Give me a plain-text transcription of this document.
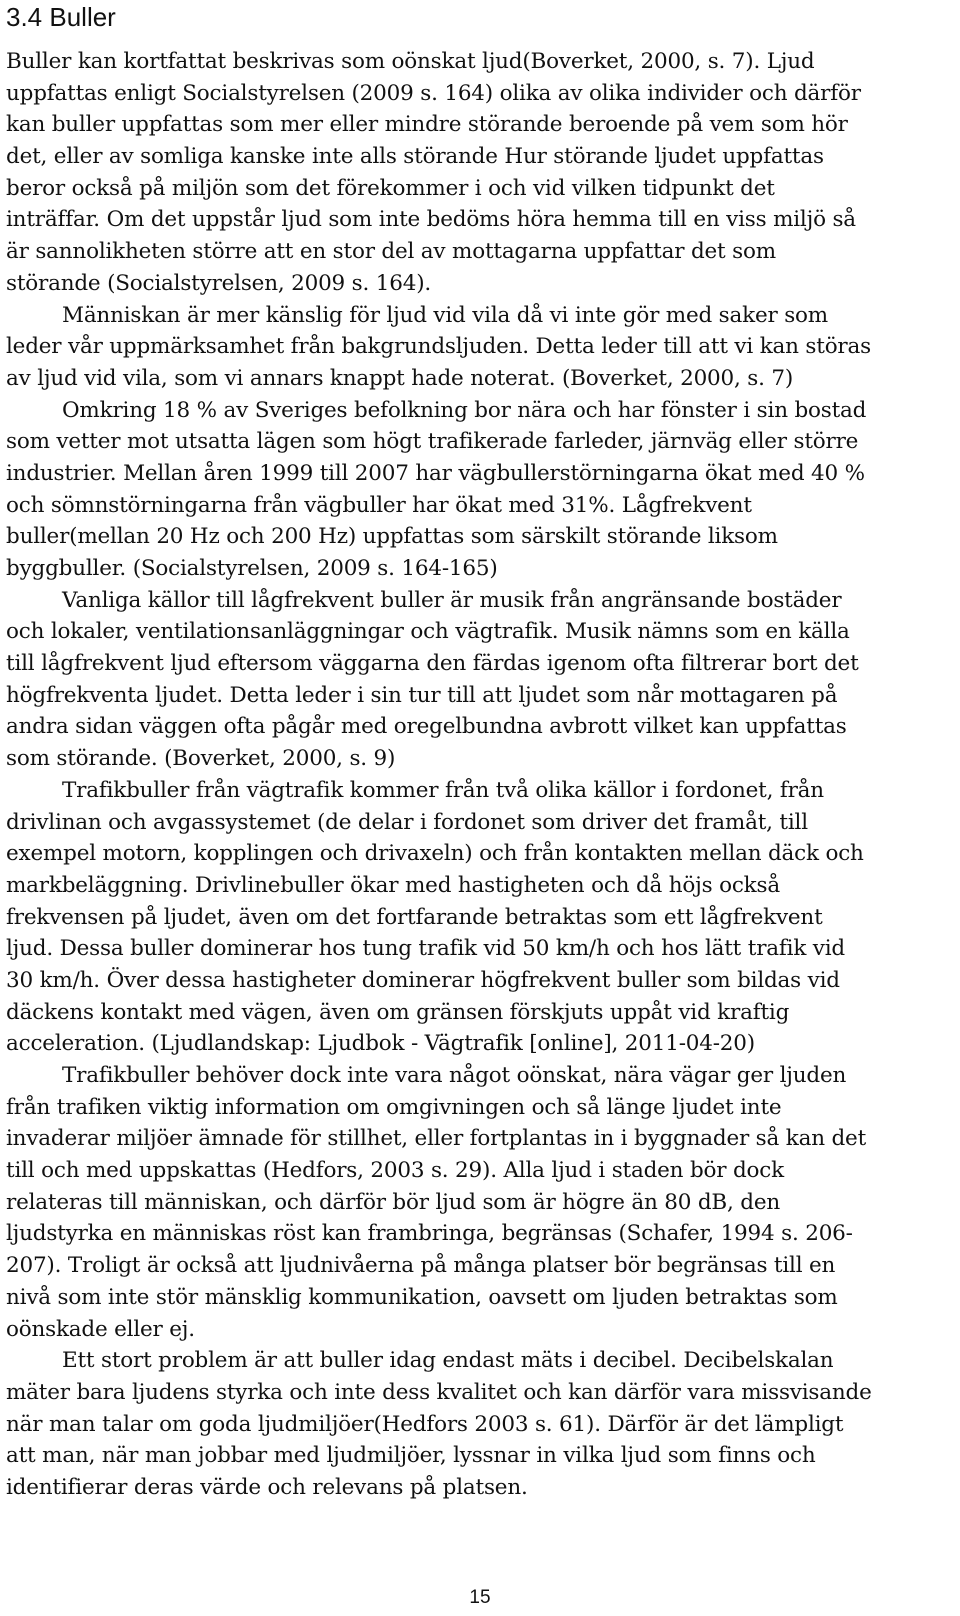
3.4 Buller
Buller kan kortfattat beskrivas som oönskat ljud(Boverket, 2000, s. 7). Ljud
uppfattas enligt Socialstyrelsen (2009 s. 164) olika av olika individer och därför
kan buller uppfattas som mer eller mindre störande beroende på vem som hör
det, eller av somliga kanske inte alls störande Hur störande ljudet uppfattas
beror också på miljön som det förekommer i och vid vilken tidpunkt det
inträffar. Om det uppstår ljud som inte bedöms höra hemma till en viss miljö så
är sannolikheten större att en stor del av mottagarna uppfattar det som
störande (Socialstyrelsen, 2009 s. 164).
Människan är mer känslig för ljud vid vila då vi inte gör med saker som
leder vår uppmärksamhet från bakgrundsljuden. Detta leder till att vi kan störas
av ljud vid vila, som vi annars knappt hade noterat. (Boverket, 2000, s. 7)
Omkring 18 % av Sveriges befolkning bor nära och har fönster i sin bostad
som vetter mot utsatta lägen som högt trafikerade farleder, järnväg eller större
industrier. Mellan åren 1999 till 2007 har vägbullerstörningarna ökat med 40 %
och sömnstörningarna från vägbuller har ökat med 31%. Lågfrekvent
buller(mellan 20 Hz och 200 Hz) uppfattas som särskilt störande liksom
byggbuller. (Socialstyrelsen, 2009 s. 164-165)
Vanliga källor till lågfrekvent buller är musik från angränsande bostäder
och lokaler, ventilationsanläggningar och vägtrafik. Musik nämns som en källa
till lågfrekvent ljud eftersom väggarna den färdas igenom ofta filtrerar bort det
högfrekventa ljudet. Detta leder i sin tur till att ljudet som når mottagaren på
andra sidan väggen ofta pågår med oregelbundna avbrott vilket kan uppfattas
som störande. (Boverket, 2000, s. 9)
Trafikbuller från vägtrafik kommer från två olika källor i fordonet, från
drivlinan och avgassystemet (de delar i fordonet som driver det framåt, till
exempel motorn, kopplingen och drivaxeln) och från kontakten mellan däck och
markbeläggning. Drivlinebuller ökar med hastigheten och då höjs också
frekvensen på ljudet, även om det fortfarande betraktas som ett lågfrekvent
ljud. Dessa buller dominerar hos tung trafik vid 50 km/h och hos lätt trafik vid
30 km/h. Över dessa hastigheter dominerar högfrekvent buller som bildas vid
däckens kontakt med vägen, även om gränsen förskjuts uppåt vid kraftig
acceleration. (Ljudlandskap: Ljudbok - Vägtrafik [online], 2011-04-20)
Trafikbuller behöver dock inte vara något oönskat, nära vägar ger ljuden
från trafiken viktig information om omgivningen och så länge ljudet inte
invaderar miljöer ämnade för stillhet, eller fortplantas in i byggnader så kan det
till och med uppskattas (Hedfors, 2003 s. 29). Alla ljud i staden bör dock
relateras till människan, och därför bör ljud som är högre än 80 dB, den
ljudstyrka en människas röst kan frambringa, begränsas (Schafer, 1994 s. 206-
207). Troligt är också att ljudnivåerna på många platser bör begränsas till en
nivå som inte stör mänsklig kommunikation, oavsett om ljuden betraktas som
oönskade eller ej.
Ett stort problem är att buller idag endast mäts i decibel. Decibelskalan
mäter bara ljudens styrka och inte dess kvalitet och kan därför vara missvisande
när man talar om goda ljudmiljöer(Hedfors 2003 s. 61). Därför är det lämpligt
att man, när man jobbar med ljudmiljöer, lyssnar in vilka ljud som finns och
identifierar deras värde och relevans på platsen.
15
